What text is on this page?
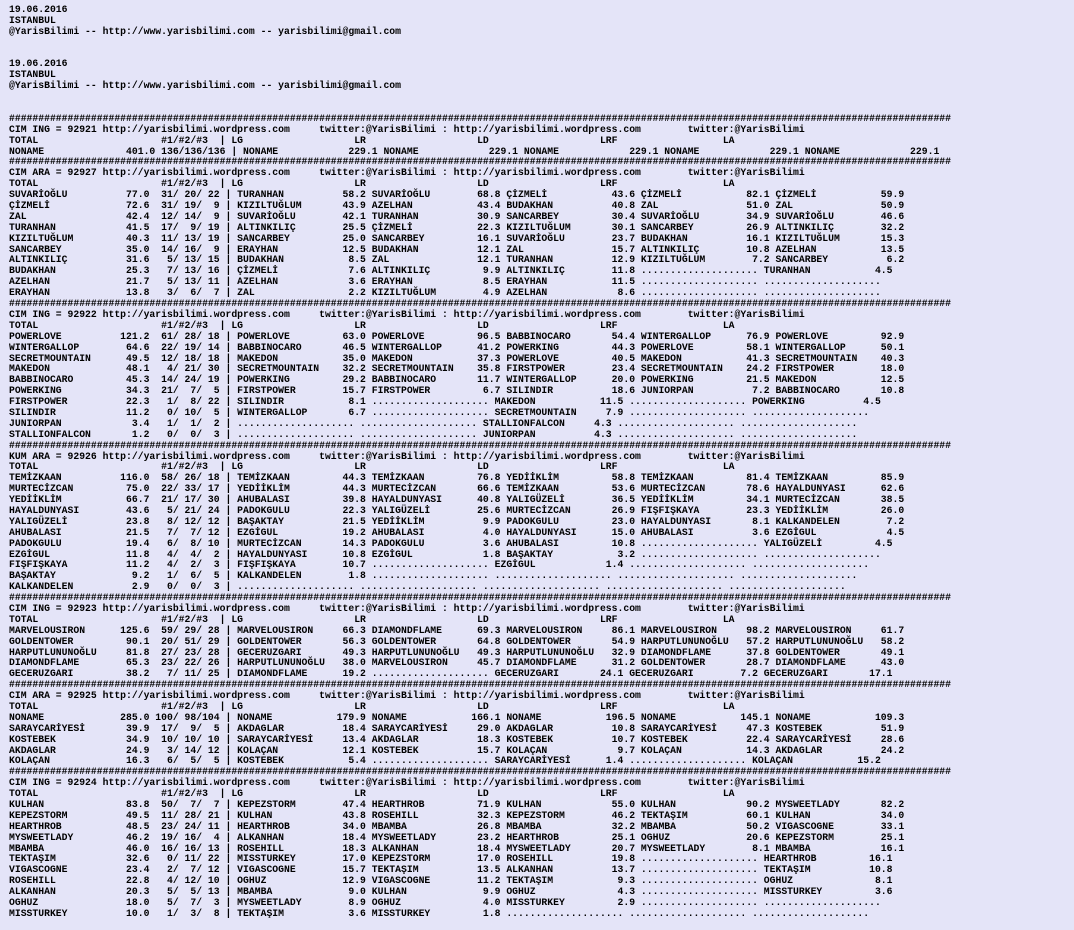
19.06.2016
ISTANBUL
@YarisBilimi -- http://www.yarisbilimi.com -- yarisbilimi@gmail.com
19.06.2016
ISTANBUL
@YarisBilimi -- http://www.yarisbilimi.com -- yarisbilimi@gmail.com
#################################################################################################################################################################
CIM ING = 92921 http://yarisbilimi.wordpress.com     twitter:@YarisBilimi : http://yarisbilimi.wordpress.com        twitter:@YarisBilimi
TOTAL                     #1/#2/#3  | LG                   LR                   LD                   LRF                  LA
NONAME              401.0 136/136/136 | NONAME            229.1 NONAME            229.1 NONAME            229.1 NONAME            229.1 NONAME            229.1
#################################################################################################################################################################
CIM ARA = 92927 http://yarisbilimi.wordpress.com     twitter:@YarisBilimi : http://yarisbilimi.wordpress.com        twitter:@YarisBilimi
TOTAL                     #1/#2/#3  | LG                   LR                   LD                   LRF                  LA
SUVARİOĞLU          77.0  31/ 20/ 22 | TURANHAN          58.2 SUVARİOĞLU        68.8 ÇİZMELİ           43.6 ÇİZMELİ           82.1 ÇİZMELİ           59.9
ÇİZMELİ             72.6  31/ 19/  9 | KIZILTUĞLUM       43.9 AZELHAN           43.4 BUDAKHAN          40.8 ZAL               51.0 ZAL               50.9
ZAL                 42.4  12/ 14/  9 | SUVARİOĞLU        42.1 TURANHAN          30.9 SANCARBEY         30.4 SUVARİOĞLU        34.9 SUVARİOĞLU        46.6
TURANHAN            41.5  17/  9/ 19 | ALTINKILIÇ        25.5 ÇİZMELİ           22.3 KIZILTUĞLUM       30.1 SANCARBEY         26.9 ALTINKILIÇ        32.2
KIZILTUĞLUM         40.3  11/ 13/ 19 | SANCARBEY         25.0 SANCARBEY         16.1 SUVARİOĞLU        23.7 BUDAKHAN          16.1 KIZILTUĞLUM       15.3
SANCARBEY           35.0  14/ 16/  9 | ERAYHAN           12.5 BUDAKHAN          12.1 ZAL               15.7 ALTINKILIÇ        10.8 AZELHAN           13.5
ALTINKILIÇ          31.6   5/ 13/ 15 | BUDAKHAN           8.5 ZAL               12.1 TURANHAN          12.9 KIZILTUĞLUM        7.2 SANCARBEY          6.2
BUDAKHAN            25.3   7/ 13/ 16 | ÇİZMELİ            7.6 ALTINKILIÇ         9.9 ALTINKILIÇ        11.8 .................... TURANHAN           4.5
AZELHAN             21.7   5/ 13/ 11 | AZELHAN            3.6 ERAYHAN            8.5 ERAYHAN           11.5 .................... ....................
ERAYHAN             13.8   3/  6/  7 | ZAL                2.2 KIZILTUĞLUM        4.9 AZELHAN            8.6 .................... ....................
#################################################################################################################################################################
CIM ING = 92922 http://yarisbilimi.wordpress.com     twitter:@YarisBilimi : http://yarisbilimi.wordpress.com        twitter:@YarisBilimi
TOTAL                     #1/#2/#3  | LG                   LR                   LD                   LRF                  LA
POWERLOVE          121.2  61/ 28/ 18 | POWERLOVE         63.0 POWERLOVE         96.5 BABBINOCARO       54.4 WINTERGALLOP      76.9 POWERLOVE         92.9
WINTERGALLOP        64.6  22/ 19/ 14 | BABBINOCARO       46.5 WINTERGALLOP      41.2 POWERKING         44.3 POWERLOVE         58.1 WINTERGALLOP      50.1
SECRETMOUNTAIN      49.5  12/ 18/ 18 | MAKEDON           35.0 MAKEDON           37.3 POWERLOVE         40.5 MAKEDON           41.3 SECRETMOUNTAIN    40.3
MAKEDON             48.1   4/ 21/ 30 | SECRETMOUNTAIN    32.2 SECRETMOUNTAIN    35.8 FIRSTPOWER        23.4 SECRETMOUNTAIN    24.2 FIRSTPOWER        18.0
BABBINOCARO         45.3  14/ 24/ 19 | POWERKING         29.2 BABBINOCARO       11.7 WINTERGALLOP      20.0 POWERKING         21.5 MAKEDON           12.5
POWERKING           34.3  21/  7/  5 | FIRSTPOWER        15.7 FIRSTPOWER         6.7 SILINDIR          18.6 JUNIORPAN          7.2 BABBINOCARO       10.8
FIRSTPOWER          22.3   1/  8/ 22 | SILINDIR           8.1 .................... MAKEDON           11.5 .................... POWERKING          4.5
SILINDIR            11.2   0/ 10/  5 | WINTERGALLOP       6.7 .................... SECRETMOUNTAIN     7.9 .................... ....................
JUNIORPAN            3.4   1/  1/  2 | .................... .................... STALLIONFALCON     4.3 .................... ....................
STALLIONFALCON       1.2   0/  0/  3 | .................... .................... JUNIORPAN          4.3 .................... ....................
#################################################################################################################################################################
KUM ARA = 92926 http://yarisbilimi.wordpress.com     twitter:@YarisBilimi : http://yarisbilimi.wordpress.com        twitter:@YarisBilimi
TOTAL                     #1/#2/#3  | LG                   LR                   LD                   LRF                  LA
TEMİZKAAN          116.0  58/ 26/ 18 | TEMİZKAAN         44.3 TEMİZKAAN         76.8 YEDİİKLİM         58.8 TEMİZKAAN         81.4 TEMİZKAAN         85.9
MURTECİZCAN         75.0  22/ 33/ 17 | YEDİİKLİM         44.3 MURTECİZCAN       66.6 TEMİZKAAN         53.6 MURTECİZCAN       78.6 HAYALDUNYASI      62.6
YEDİİKLİM           66.7  21/ 17/ 30 | AHUBALASI         39.8 HAYALDUNYASI      40.8 YALIGÜZELİ        36.5 YEDİİKLİM         34.1 MURTECİZCAN       38.5
HAYALDUNYASI        43.6   5/ 21/ 24 | PADOKGULU         22.3 YALIGÜZELİ        25.6 MURTECİZCAN       26.9 FIŞFIŞKAYA        23.3 YEDİİKLİM         26.0
YALIGÜZELİ          23.8   8/ 12/ 12 | BAŞAKTAY          21.5 YEDİİKLİM          9.9 PADOKGULU         23.0 HAYALDUNYASI       8.1 KALKANDELEN        7.2
AHUBALASI           21.5   7/  7/ 12 | EZGİGUL           19.2 AHUBALASI          4.0 HAYALDUNYASI      15.0 AHUBALASI          3.6 EZGİGUL            4.5
PADOKGULU           19.4   6/  8/ 10 | MURTECİZCAN       14.3 PADOKGULU          3.6 AHUBALASI         10.8 .................... YALIGÜZELİ         4.5
EZGİGUL             11.8   4/  4/  2 | HAYALDUNYASI      10.8 EZGİGUL            1.8 BAŞAKTAY           3.2 .................... ....................
FIŞFIŞKAYA          11.2   4/  2/  3 | FIŞFIŞKAYA        10.7 .................... EZGİGUL            1.4 .................... ....................
BAŞAKTAY             9.2   1/  6/  5 | KALKANDELEN        1.8 .................... .................... .................... ....................
KALKANDELEN          2.9   0/  0/  3 | .................... .................... .................... .................... ....................
#################################################################################################################################################################
CIM ING = 92923 http://yarisbilimi.wordpress.com     twitter:@YarisBilimi : http://yarisbilimi.wordpress.com        twitter:@YarisBilimi
TOTAL                     #1/#2/#3  | LG                   LR                   LD                   LRF                  LA
MARVELOUSIRON      125.6  59/ 29/ 28 | MARVELOUSIRON     66.3 DIAMONDFLAME      69.3 MARVELOUSIRON     86.1 MARVELOUSIRON     98.2 MARVELOUSIRON     61.7
GOLDENTOWER         90.1  20/ 51/ 29 | GOLDENTOWER       56.3 GOLDENTOWER       64.8 GOLDENTOWER       54.9 HARPUTLUNUNOĞLU   57.2 HARPUTLUNUNOĞLU   58.2
HARPUTLUNUNOĞLU     81.8  27/ 23/ 28 | GECERUZGARI       49.3 HARPUTLUNUNOĞLU   49.3 HARPUTLUNUNOĞLU   32.9 DIAMONDFLAME      37.8 GOLDENTOWER       49.1
DIAMONDFLAME        65.3  23/ 22/ 26 | HARPUTLUNUNOĞLU   38.0 MARVELOUSIRON     45.7 DIAMONDFLAME      31.2 GOLDENTOWER       28.7 DIAMONDFLAME      43.0
GECERUZGARI         38.2   7/ 11/ 25 | DIAMONDFLAME      19.2 .................... GECERUZGARI       24.1 GECERUZGARI        7.2 GECERUZGARI       17.1
#################################################################################################################################################################
CIM ARA = 92925 http://yarisbilimi.wordpress.com     twitter:@YarisBilimi : http://yarisbilimi.wordpress.com        twitter:@YarisBilimi
TOTAL                     #1/#2/#3  | LG                   LR                   LD                   LRF                  LA
NONAME             285.0 100/ 98/104 | NONAME           179.9 NONAME           166.1 NONAME           196.5 NONAME           145.1 NONAME           109.3
SARAYCARİYESİ       39.9  17/  9/  5 | AKDAGLAR          18.4 SARAYCARİYESİ     29.0 AKDAGLAR          10.8 SARAYCARİYESİ     47.3 KOSTEBEK          51.9
KOSTEBEK            34.9  10/ 10/ 10 | SARAYCARİYESİ     13.4 AKDAGLAR          18.3 KOSTEBEK          10.7 KOSTEBEK          22.4 SARAYCARİYESİ     28.6
AKDAGLAR            24.9   3/ 14/ 12 | KOLAÇAN           12.1 KOSTEBEK          15.7 KOLAÇAN            9.7 KOLAÇAN           14.3 AKDAGLAR          24.2
KOLAÇAN             16.3   6/  5/  5 | KOSTEBEK           5.4 .................... SARAYCARİYESİ      1.4 .................... KOLAÇAN           15.2
#################################################################################################################################################################
CIM ING = 92924 http://yarisbilimi.wordpress.com     twitter:@YarisBilimi : http://yarisbilimi.wordpress.com        twitter:@YarisBilimi
TOTAL                     #1/#2/#3  | LG                   LR                   LD                   LRF                  LA
KULHAN              83.8  50/  7/  7 | KEPEZSTORM        47.4 HEARTHROB         71.9 KULHAN            55.0 KULHAN            90.2 MYSWEETLADY       82.2
KEPEZSTORM          49.5  11/ 28/ 21 | KULHAN            43.8 ROSEHILL          32.3 KEPEZSTORM        46.2 TEKTAŞIM          60.1 KULHAN            34.0
HEARTHROB           48.5  23/ 24/ 11 | HEARTHROB         34.0 MBAMBA            26.8 MBAMBA            32.2 MBAMBA            50.2 VIGASCOGNE        33.1
MYSWEETLADY         46.2  19/ 16/  4 | ALKANHAN          18.4 MYSWEETLADY       23.2 HEARTHROB         25.1 OGHUZ             20.6 KEPEZSTORM        25.1
MBAMBA              46.0  16/ 16/ 13 | ROSEHILL          18.3 ALKANHAN          18.4 MYSWEETLADY       20.7 MYSWEETLADY        8.1 MBAMBA            16.1
TEKTAŞIM            32.6   0/ 11/ 22 | MISSTURKEY        17.0 KEPEZSTORM        17.0 ROSEHILL          19.8 .................... HEARTHROB         16.1
VIGASCOGNE          23.4   2/  7/ 12 | VIGASCOGNE        15.7 TEKTAŞIM          13.5 ALKANHAN          13.7 .................... TEKTAŞIM          10.8
ROSEHILL            22.8   4/ 12/ 10 | OGHUZ             12.9 VIGASCOGNE        11.2 TEKTAŞIM           9.3 .................... OGHUZ              8.1
ALKANHAN            20.3   5/  5/ 13 | MBAMBA             9.0 KULHAN             9.9 OGHUZ              4.3 .................... MISSTURKEY         3.6
OGHUZ               18.0   5/  7/  3 | MYSWEETLADY        8.9 OGHUZ              4.0 MISSTURKEY         2.9 .................... ....................
MISSTURKEY          10.0   1/  3/  8 | TEKTAŞIM           3.6 MISSTURKEY         1.8 .................... .................... ....................
